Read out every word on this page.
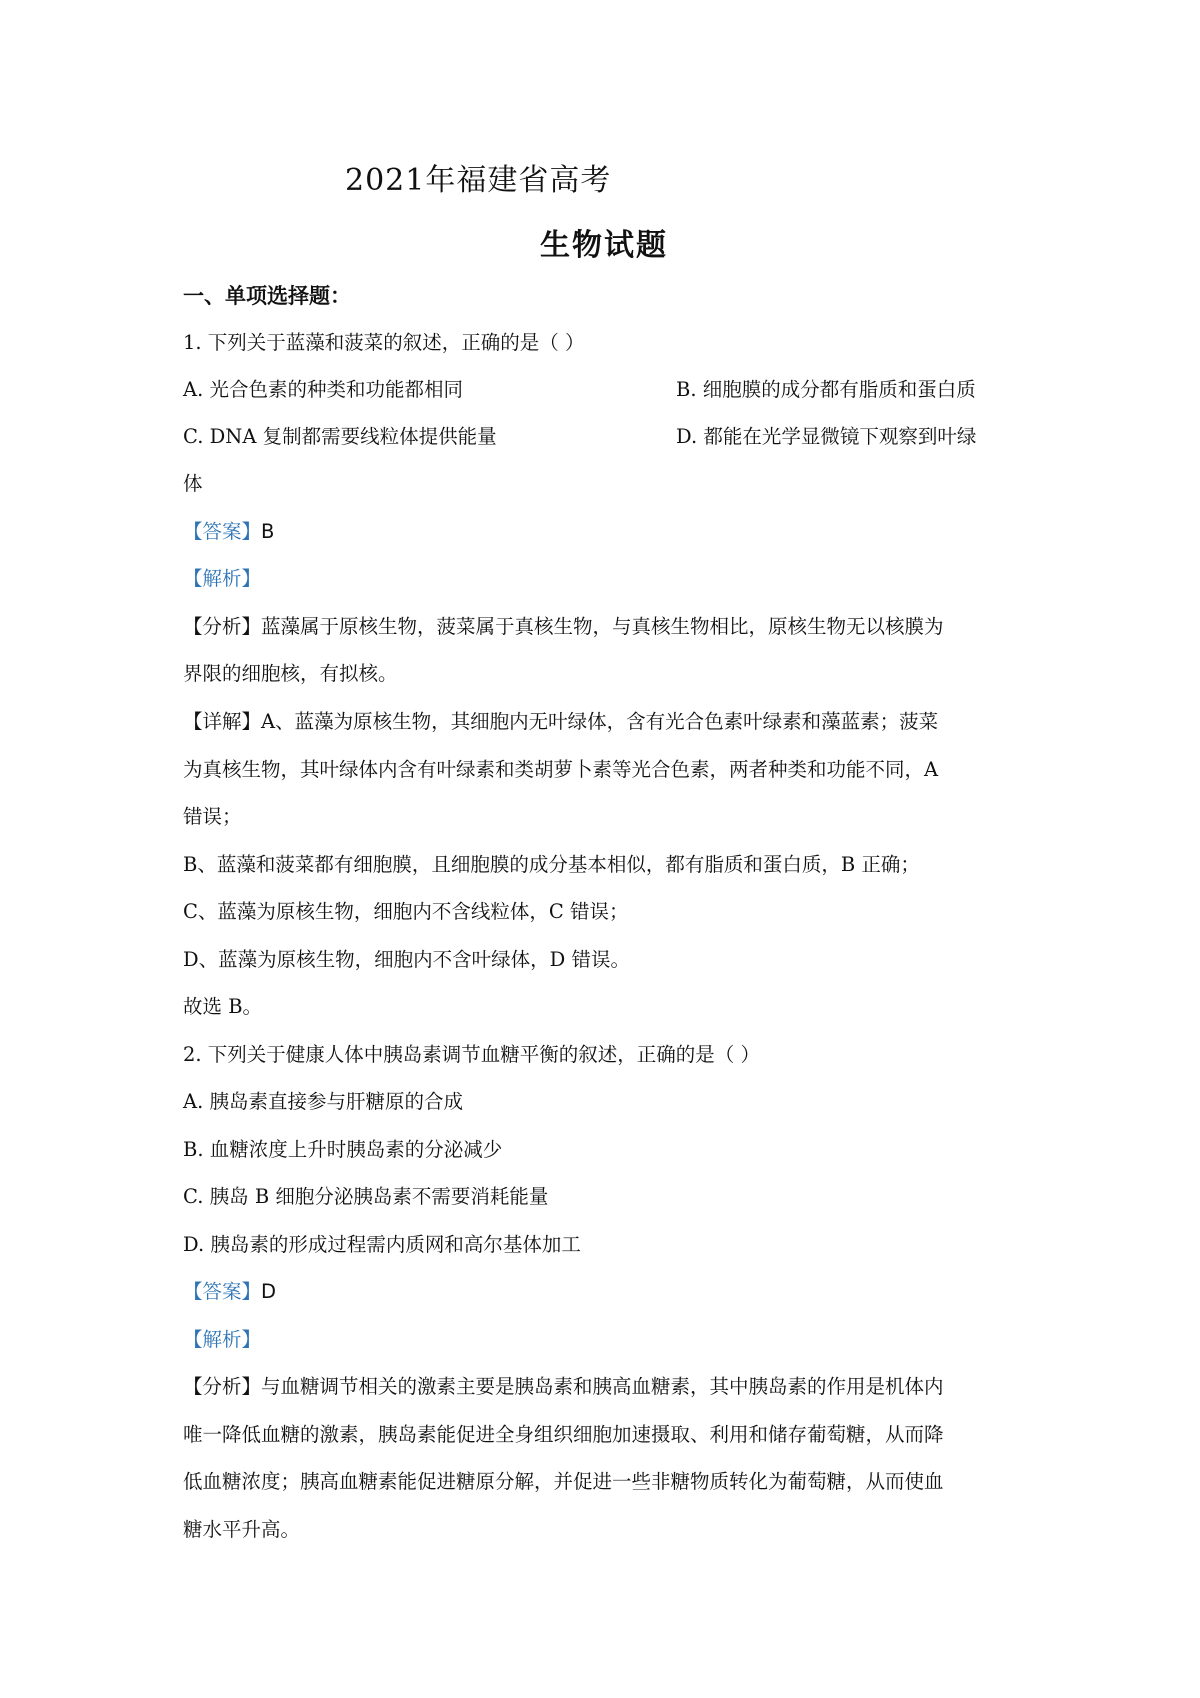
2021年福建省高考
生物试题
一、单项选择题：
1. 下列关于蓝藻和菠菜的叙述，正确的是（ ）
A. 光合色素的种类和功能都相同	B. 细胞膜的成分都有脂质和蛋白质
C. DNA 复制都需要线粒体提供能量	D. 都能在光学显微镜下观察到叶绿
体
【答案】B
【解析】
【分析】蓝藻属于原核生物，菠菜属于真核生物，与真核生物相比，原核生物无以核膜为
界限的细胞核，有拟核。
【详解】A、蓝藻为原核生物，其细胞内无叶绿体，含有光合色素叶绿素和藻蓝素；菠菜
为真核生物，其叶绿体内含有叶绿素和类胡萝卜素等光合色素，两者种类和功能不同，A
错误；
B、蓝藻和菠菜都有细胞膜，且细胞膜的成分基本相似，都有脂质和蛋白质，B 正确；
C、蓝藻为原核生物，细胞内不含线粒体，C 错误；
D、蓝藻为原核生物，细胞内不含叶绿体，D 错误。
故选 B。
2. 下列关于健康人体中胰岛素调节血糖平衡的叙述，正确的是（ ）
A. 胰岛素直接参与肝糖原的合成
B. 血糖浓度上升时胰岛素的分泌减少
C. 胰岛 B 细胞分泌胰岛素不需要消耗能量
D. 胰岛素的形成过程需内质网和高尔基体加工
【答案】D
【解析】
【分析】与血糖调节相关的激素主要是胰岛素和胰高血糖素，其中胰岛素的作用是机体内
唯一降低血糖的激素，胰岛素能促进全身组织细胞加速摄取、利用和储存葡萄糖，从而降
低血糖浓度；胰高血糖素能促进糖原分解，并促进一些非糖物质转化为葡萄糖，从而使血
糖水平升高。
